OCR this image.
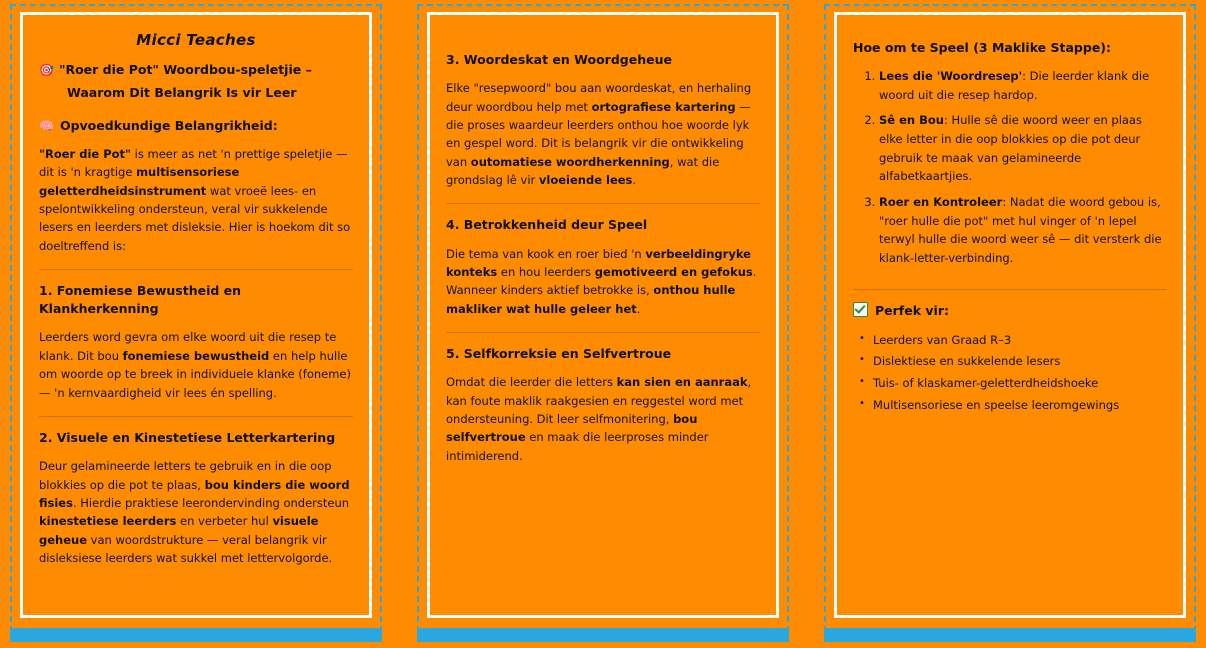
Micci Teaches
🎯 "Roer die Pot" Woordbou-speletjie –
Waarom Dit Belangrik Is vir Leer
🧠 Opvoedkundige Belangrikheid:

"Roer die Pot" is meer as net 'n prettige speletjie — dit is 'n kragtige multisensoriese geletterdheidsinstrument wat vroeë lees- en spelontwikkeling ondersteun, veral vir sukkelende lesers en leerders met disleksie. Hier is hoekom dit so doeltreffend is:

1. Fonemiese Bewustheid en Klankherkenning

Leerders word gevra om elke woord uit die resep te klank. Dit bou fonemiese bewustheid en help hulle om woorde op te breek in individuele klanke (foneme) — 'n kernvaardigheid vir lees én spelling.

2. Visuele en Kinestetiese Letterkartering

Deur gelamineerde letters te gebruik en in die oop blokkies op die pot te plaas, bou kinders die woord fisies. Hierdie praktiese leerondervinding ondersteun kinestetiese leerders en verbeter hul visuele geheue van woordstrukture — veral belangrik vir disleksiese leerders wat sukkel met lettervolgorde.

3. Woordeskat en Woordgeheue

Elke "resepwoord" bou aan woordeskat, en herhaling deur woordbou help met ortografiese kartering — die proses waardeur leerders onthou hoe woorde lyk en gespel word. Dit is belangrik vir die ontwikkeling van outomatiese woordherkenning, wat die grondslag lê vir vloeiende lees.

4. Betrokkenheid deur Speel

Die tema van kook en roer bied 'n verbeeldingryke konteks en hou leerders gemotiveerd en gefokus. Wanneer kinders aktief betrokke is, onthou hulle makliker wat hulle geleer het.

5. Selfkorreksie en Selfvertroue

Omdat die leerder die letters kan sien en aanraak, kan foute maklik raakgesien en reggestel word met ondersteuning. Dit leer selfmonitering, bou selfvertroue en maak die leerproses minder intimiderend.

Hoe om te Speel (3 Maklike Stappe):
1. Lees die 'Woordresep': Die leerder klank die woord uit die resep hardop.
2. Sê en Bou: Hulle sê die woord weer en plaas elke letter in die oop blokkies op die pot deur gebruik te maak van gelamineerde alfabetkaartjies.
3. Roer en Kontroleer: Nadat die woord gebou is, "roer hulle die pot" met hul vinger of 'n lepel terwyl hulle die woord weer sê — dit versterk die klank-letter-verbinding.
Perfek vir:
• Leerders van Graad R–3
• Dislektiese en sukkelende lesers
• Tuis- of klaskamer-geletterdheidshoeke
• Multisensoriese en speelse leeromgewings
